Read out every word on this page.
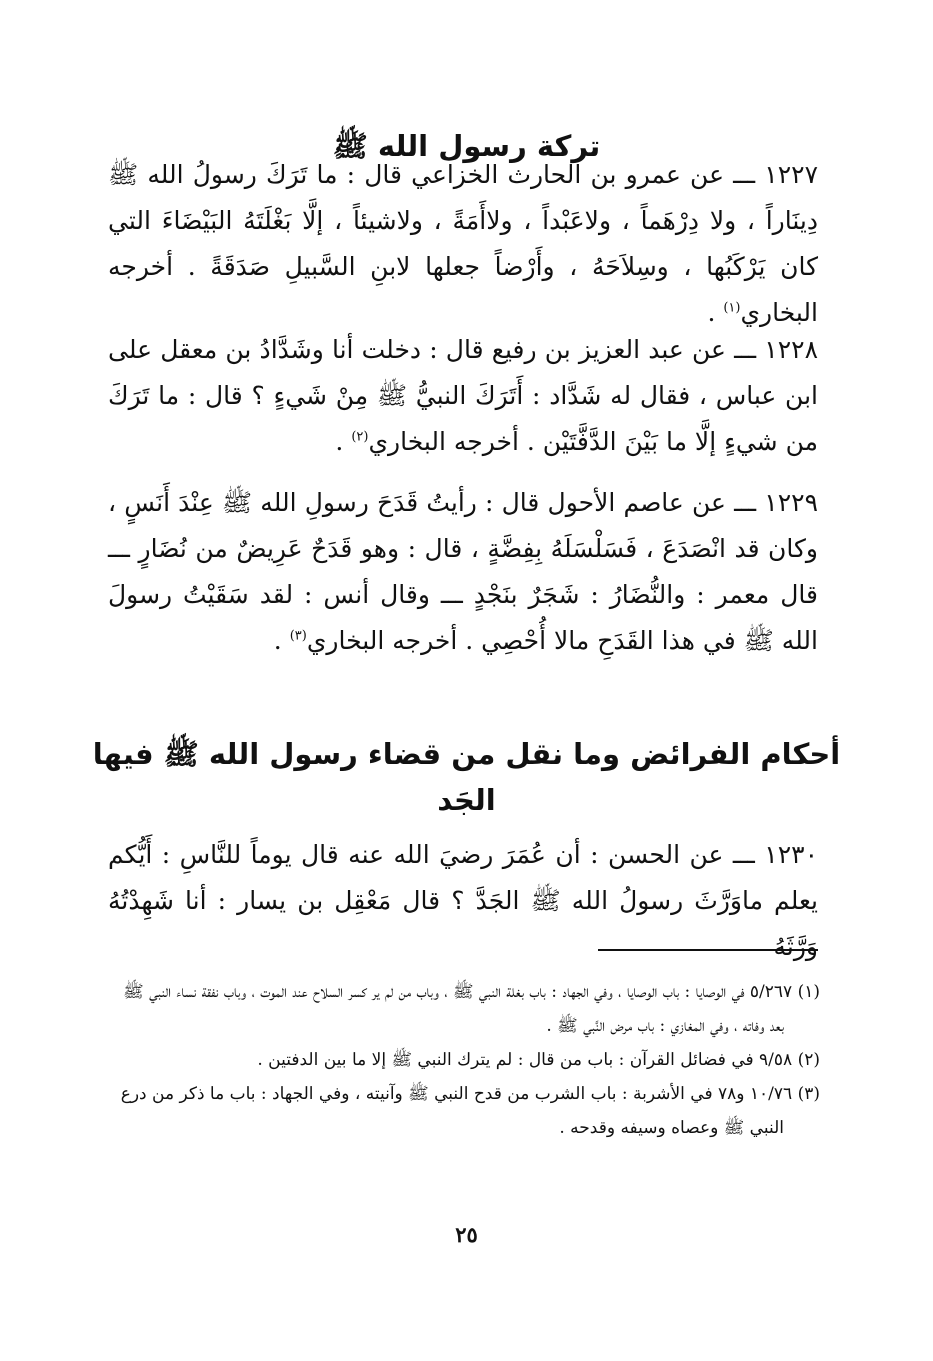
تركة رسول الله ﷺ

١٢٢٧ ـــ عن عمرو بن الحارث الخزاعي قال : ما تَرَكَ رسولُ الله ﷺ دِينَاراً ، ولا دِرْهَماً ، ولاعَبْداً ، ولاأَمَةً ، ولاشيئاً ، إلَّا بَغْلَتَهُ البَيْضَاءَ التي كان يَرْكَبُها ، وسِلاَحَهُ ، وأَرْضاً جعلها لابنِ السَّبيلِ صَدَقَةً . أخرجه البخاري$^{(١)}$ .

١٢٢٨ ـــ عن عبد العزيز بن رفيع قال : دخلت أنا وشَدَّادُ بن معقل على ابن عباس ، فقال له شَدَّاد : أَتَرَكَ النبيُّ ﷺ مِنْ شَيءٍ ؟ قال : ما تَرَكَ من شيءٍ إلَّا ما بَيْنَ الدَّفَّتَيْن . أخرجه البخاري$^{(٢)}$ .

١٢٢٩ ـــ عن عاصم الأحول قال : رأيتُ قَدَحَ رسولِ الله ﷺ عِنْدَ أَنَسٍ ، وكان قد انْصَدَعَ ، فَسَلْسَلَهُ بِفِضَّةٍ ، قال : وهو قَدَحٌ عَرِيضٌ من نُضَارٍ ـــ قال معمر : والنُّضَارُ : شَجَرٌ بنَجْدٍ ـــ وقال أنس : لقد سَقَيْتُ رسولَ الله ﷺ في هذا القَدَحِ مالا أُحْصِي . أخرجه البخاري$^{(٣)}$ .

أحكام الفرائض وما نقل من قضاء رسول الله ﷺ فيها
الجَد

١٢٣٠ ـــ عن الحسن : أن عُمَرَ رضيَ الله عنه قال يوماً للنَّاسِ : أَيُّكم يعلم ماوَرَّثَ رسولُ الله ﷺ الجَدَّ ؟ قال مَعْقِل بن يسار : أنا شَهِدْتُهُ وَرَّثَهُ

(١) ٥/٢٦٧ في الوصايا : باب الوصايا ، وفي الجهاد : باب بغلة النبي ﷺ ، وباب من لم ير كسر السلاح عند الموت ، وباب نفقة نساء النبي ﷺ بعد وفاته ، وفي المغازي : باب مرض النَّبي ﷺ .
(٢) ٩/٥٨ في فضائل القرآن : باب من قال : لم يترك النبي ﷺ إلا ما بين الدفتين .
(٣) ١٠/٧٦ و٧٨ في الأشربة : باب الشرب من قدح النبي ﷺ وآنيته ، وفي الجهاد : باب ما ذكر من درع النبي ﷺ وعصاه وسيفه وقدحه .
٢٥
